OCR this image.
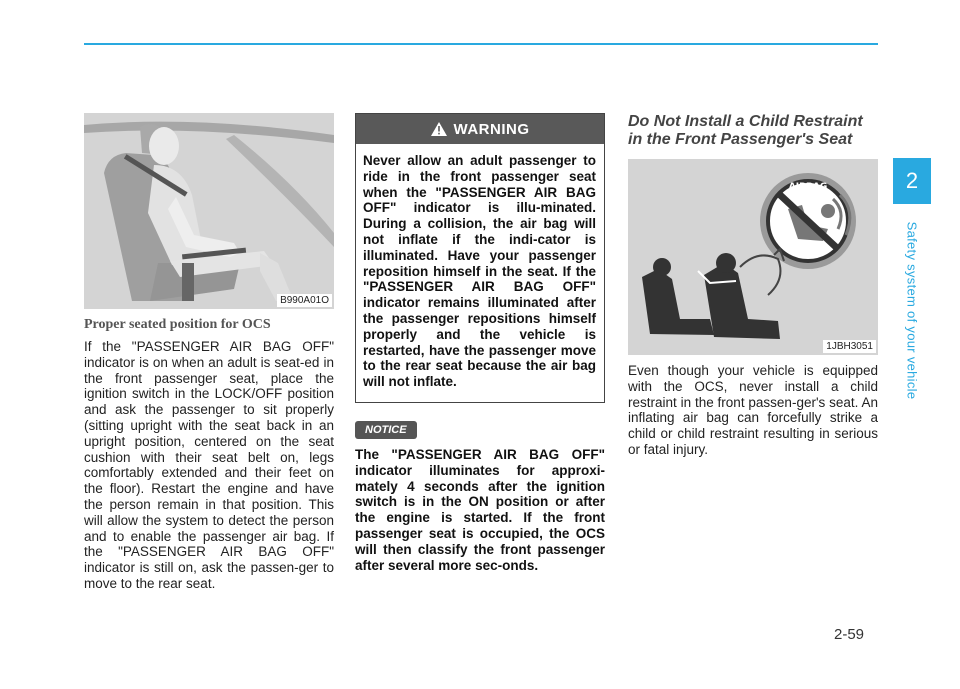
2
Safety system of your vehicle
B990A01O
Proper seated position for OCS

If the "PASSENGER AIR BAG OFF" indicator is on when an adult is seat-ed in the front passenger seat, place the ignition switch in the LOCK/OFF position and ask the passenger to sit properly (sitting upright with the seat back in an upright position, centered on the seat cushion with their seat belt on, legs comfortably extended and their feet on the floor). Restart the engine and have the person remain in that position. This will allow the system to detect the person and to enable the passenger air bag. If the "PASSENGER AIR BAG OFF" indicator is still on, ask the passen-ger to move to the rear seat.

WARNING

Never allow an adult passenger to ride in the front passenger seat when the "PASSENGER AIR BAG OFF" indicator is illu-minated. During a collision, the air bag will not inflate if the indi-cator is illuminated. Have your passenger reposition himself in the seat. If the "PASSENGER AIR BAG OFF" indicator remains illuminated after the passenger repositions himself properly and the vehicle is restarted, have the passenger move to the rear seat because the air bag will not inflate.

NOTICE

The "PASSENGER AIR BAG OFF" indicator illuminates for approxi-mately 4 seconds after the ignition switch is in the ON position or after the engine is started. If the front passenger seat is occupied, the OCS will then classify the front passenger after several more sec-onds.

Do Not Install a Child Restraint in the Front Passenger's Seat
AIRBAG
1JBH3051

Even though your vehicle is equipped with the OCS, never install a child restraint in the front passen-ger's seat. An inflating air bag can forcefully strike a child or child restraint resulting in serious or fatal injury.

2-59
